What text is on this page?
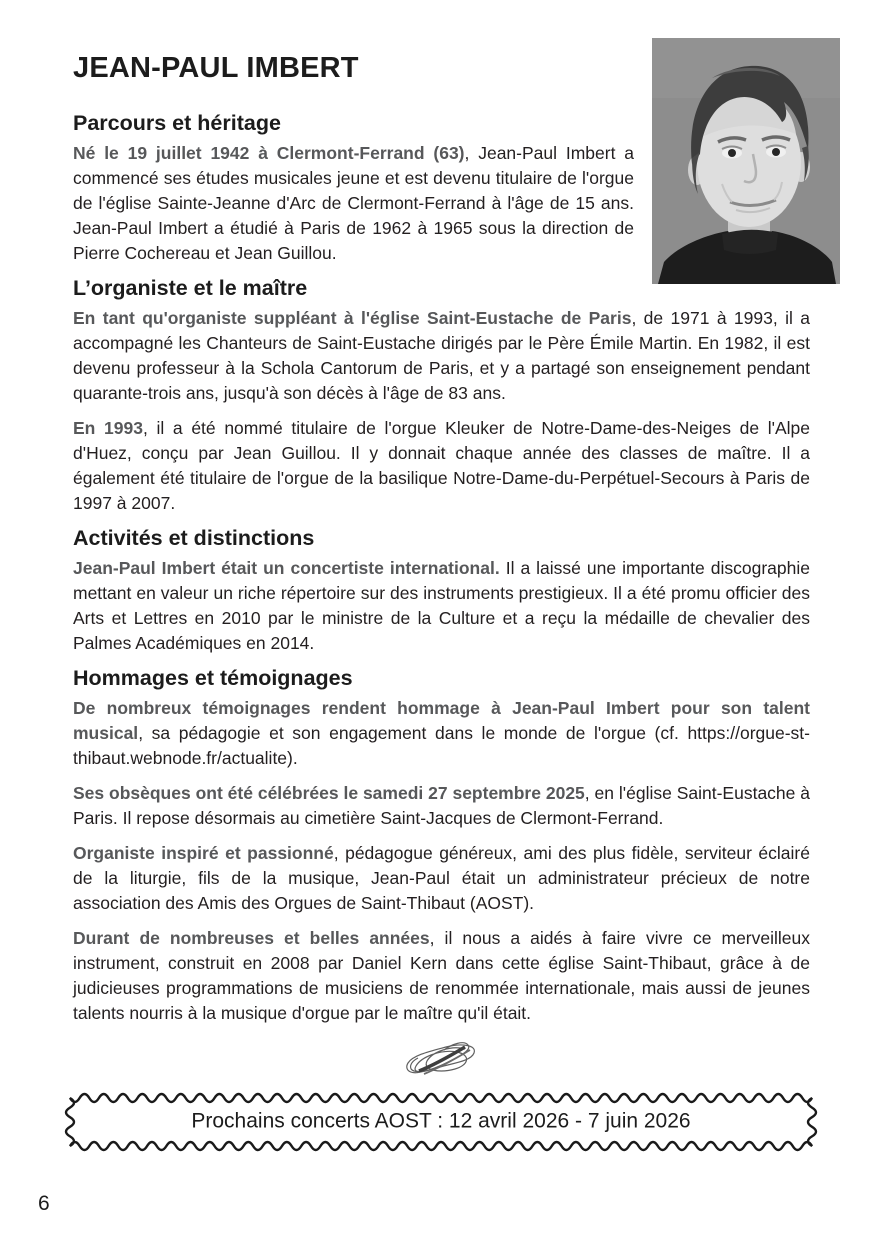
JEAN-PAUL IMBERT
Parcours et héritage

Né le 19 juillet 1942 à Clermont-Ferrand (63), Jean-Paul Imbert a commencé ses études musicales jeune et est devenu titulaire de l'orgue de l'église Sainte-Jeanne d'Arc de Clermont-Ferrand à l'âge de 15 ans. Jean-Paul Imbert a étudié à Paris de 1962 à 1965 sous la direction de Pierre Cochereau et Jean Guillou.

L’organiste et le maître

En tant qu'organiste suppléant à l'église Saint-Eustache de Paris, de 1971 à 1993, il a accompagné les Chanteurs de Saint-Eustache dirigés par le Père Émile Martin. En 1982, il est devenu professeur à la Schola Cantorum de Paris, et y a partagé son enseignement pendant quarante-trois ans, jusqu'à son décès à l'âge de 83 ans.

En 1993, il a été nommé titulaire de l'orgue Kleuker de Notre-Dame-des-Neiges de l'Alpe d'Huez, conçu par Jean Guillou. Il y donnait chaque année des classes de maître. Il a également été titulaire de l'orgue de la basilique Notre-Dame-du-Perpétuel-Secours à Paris de 1997 à 2007.

Activités et distinctions

Jean-Paul Imbert était un concertiste international. Il a laissé une importante discographie mettant en valeur un riche répertoire sur des instruments prestigieux. Il a été promu officier des Arts et Lettres en 2010 par le ministre de la Culture et a reçu la médaille de chevalier des Palmes Académiques en 2014.

Hommages et témoignages

De nombreux témoignages rendent hommage à Jean-Paul Imbert pour son talent musical, sa pédagogie et son engagement dans le monde de l'orgue (cf. https://orgue-st-thibaut.webnode.fr/actualite).

Ses obsèques ont été célébrées le samedi 27 septembre 2025, en l'église Saint-Eustache à Paris. Il repose désormais au cimetière Saint-Jacques de Clermont-Ferrand.

Organiste inspiré et passionné, pédagogue généreux, ami des plus fidèle, serviteur éclairé de la liturgie, fils de la musique, Jean-Paul était un administrateur précieux de notre association des Amis des Orgues de Saint-Thibaut (AOST).

Durant de nombreuses et belles années, il nous a aidés à faire vivre ce merveilleux instrument, construit en 2008 par Daniel Kern dans cette église Saint-Thibaut, grâce à de judicieuses programmations de musiciens de renommée internationale, mais aussi de jeunes talents nourris à la musique d'orgue par le maître qu'il était.

Prochains concerts AOST : 12 avril 2026 - 7 juin 2026
6
